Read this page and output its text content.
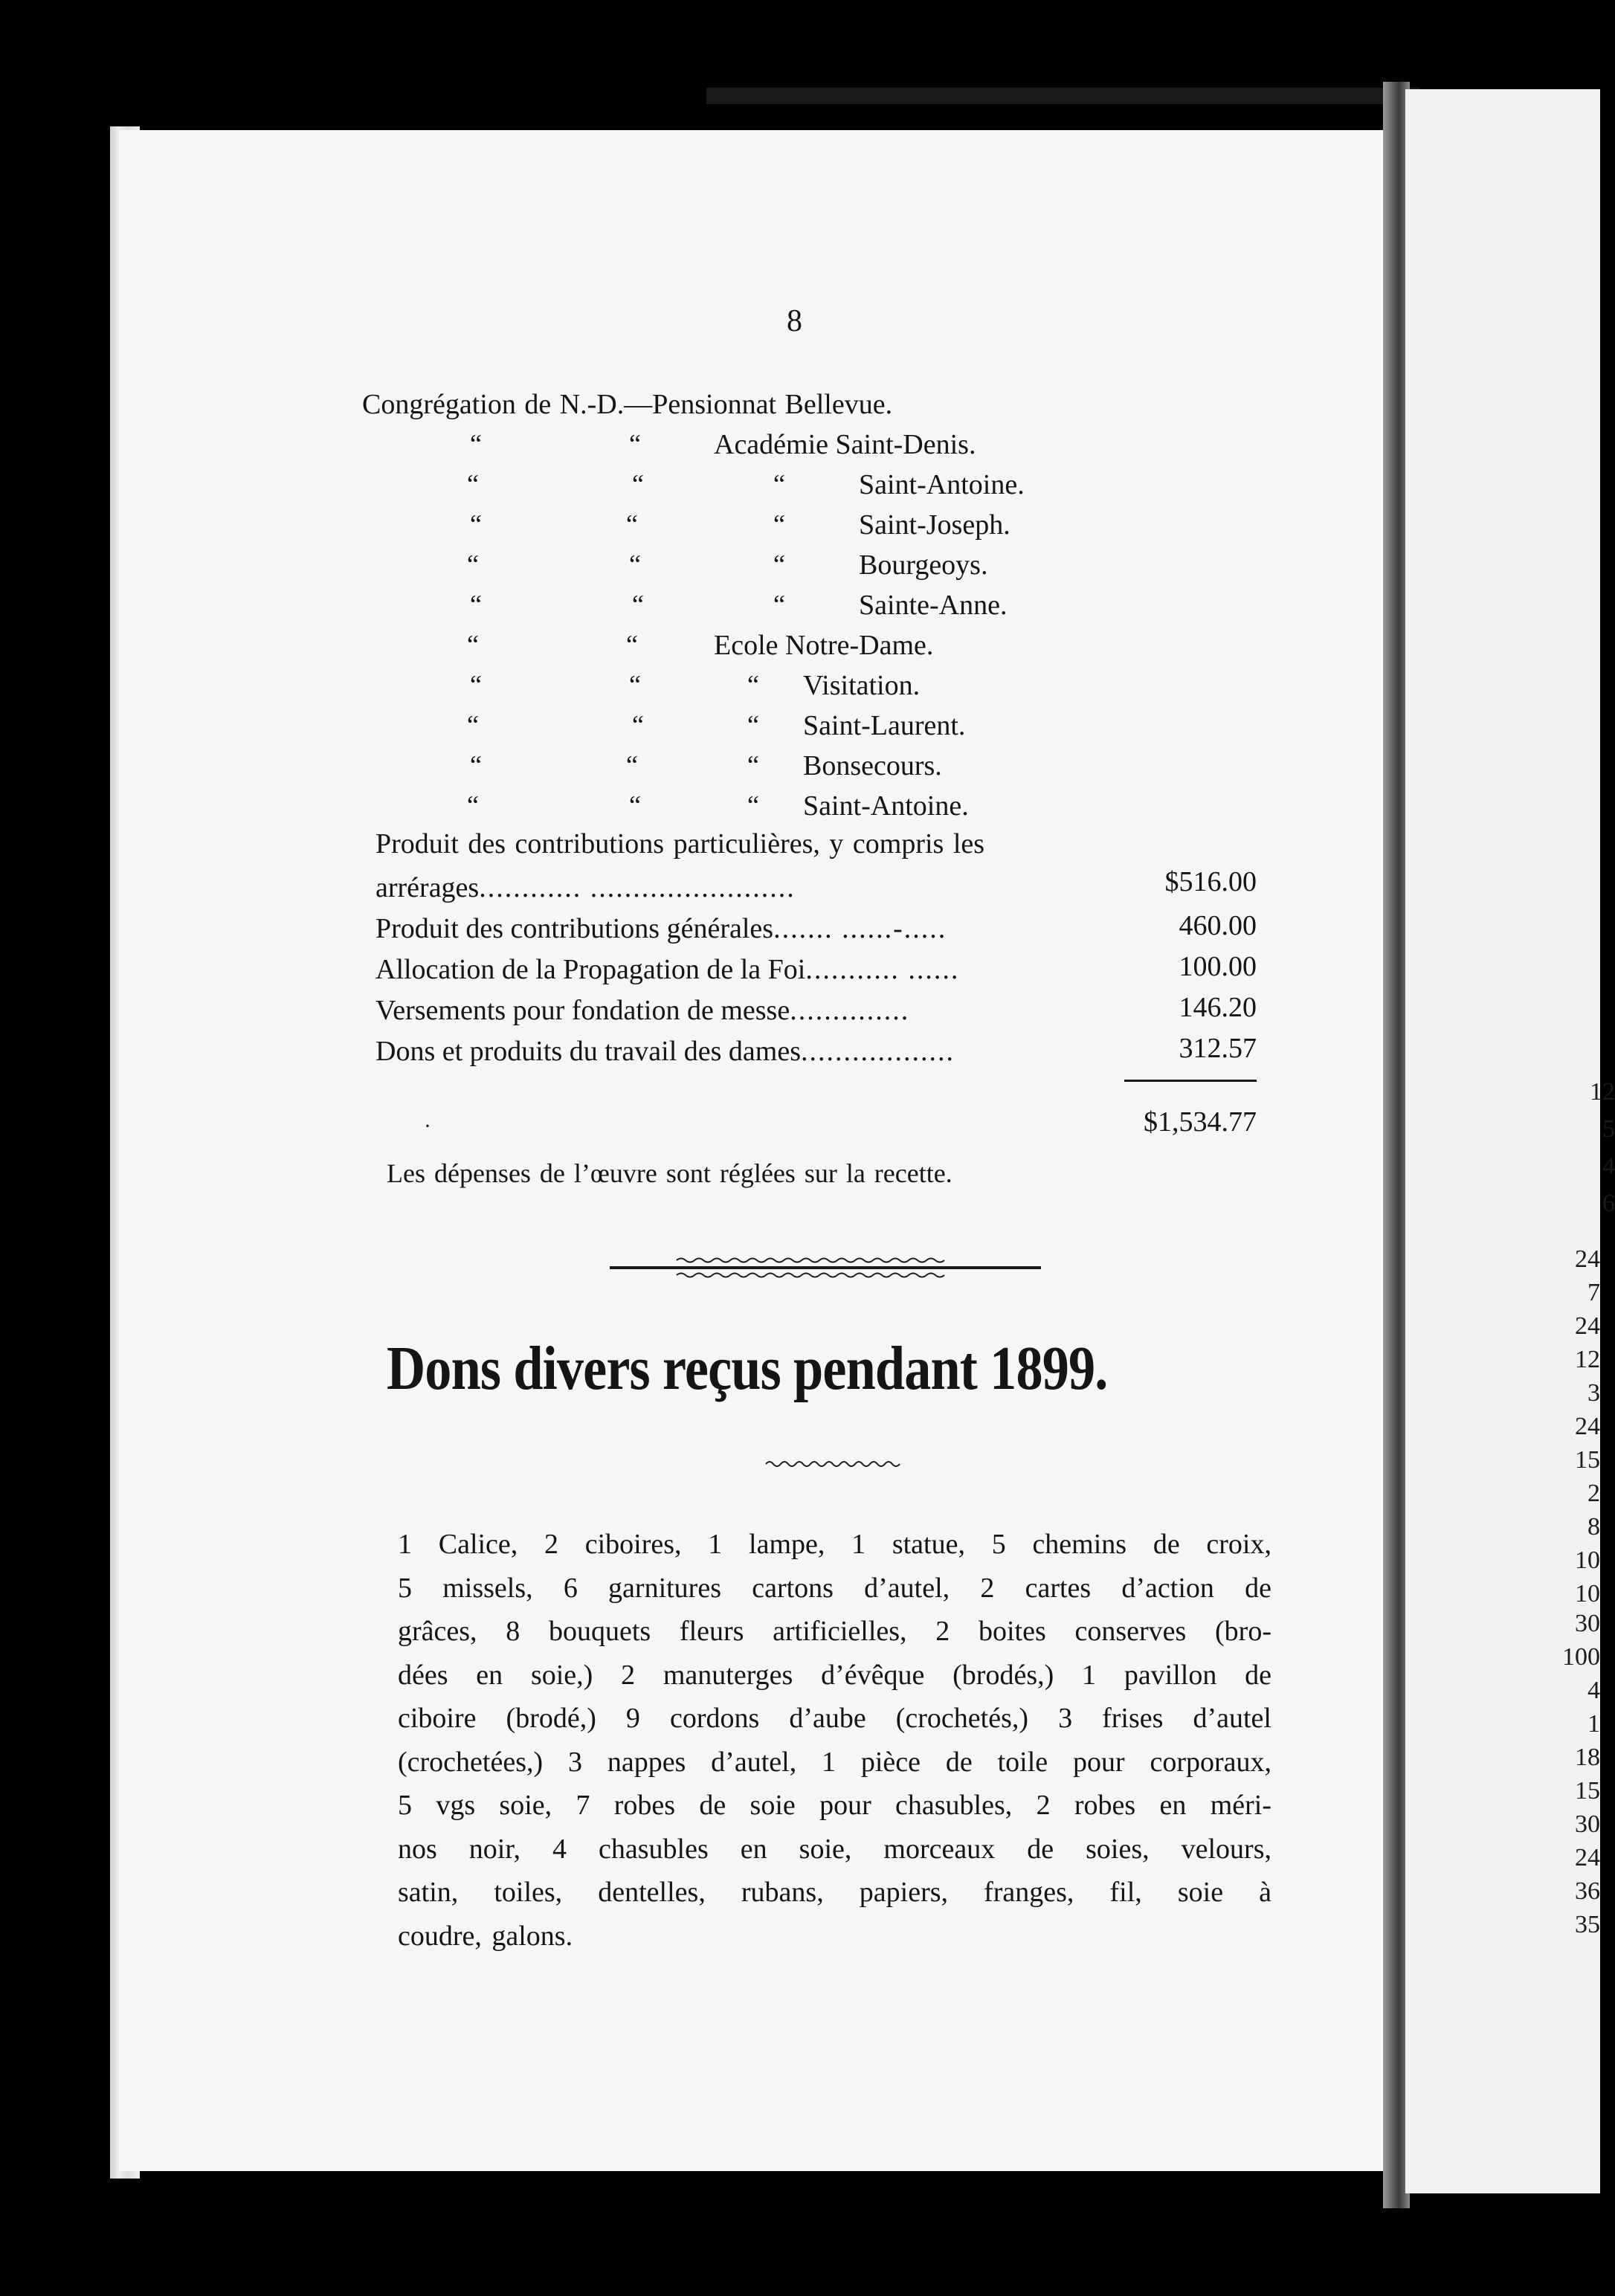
12
5
4
6
24
7
24
12
3
24
15
2
8
10
10
30
100
4
1
18
15
30
24
36
35
8
Congrégation de N.-D.—Pensionnat Bellevue.
“	“	Académie Saint-Denis.
“	“	“	Saint-Antoine.
“	“	“	Saint-Joseph.
“	“	“	Bourgeoys.
“	“	“	Sainte-Anne.
“	“	Ecole Notre-Dame.
“	“	“ Visitation.
“	“	“ Saint-Laurent.
“	“	“ Bonsecours.
“	“	“ Saint-Antoine.
Produit des contributions particulières, y compris les
arrérages............ ........................	$516.00
Produit des contributions générales....... ......-.....	460.00
Allocation de la Propagation de la Foi........... ......	100.00
Versements pour fondation de messe..............	146.20
Dons et produits du travail des dames..................	312.57
$1,534.77
·
Les dépenses de l’œuvre sont réglées sur la recette.
Dons divers reçus pendant 1899.
1 Calice, 2 ciboires, 1 lampe, 1 statue, 5 chemins de croix,
5 missels, 6 garnitures cartons d’autel, 2 cartes d’action de
grâces, 8 bouquets fleurs artificielles, 2 boites conserves (bro-
dées en soie,) 2 manuterges d’évêque (brodés,) 1 pavillon de
ciboire (brodé,) 9 cordons d’aube (crochetés,) 3 frises d’autel
(crochetées,) 3 nappes d’autel, 1 pièce de toile pour corporaux,
5 vgs soie, 7 robes de soie pour chasubles, 2 robes en méri-
nos noir, 4 chasubles en soie, morceaux de soies, velours,
satin, toiles, dentelles, rubans, papiers, franges, fil, soie à
coudre, galons.
